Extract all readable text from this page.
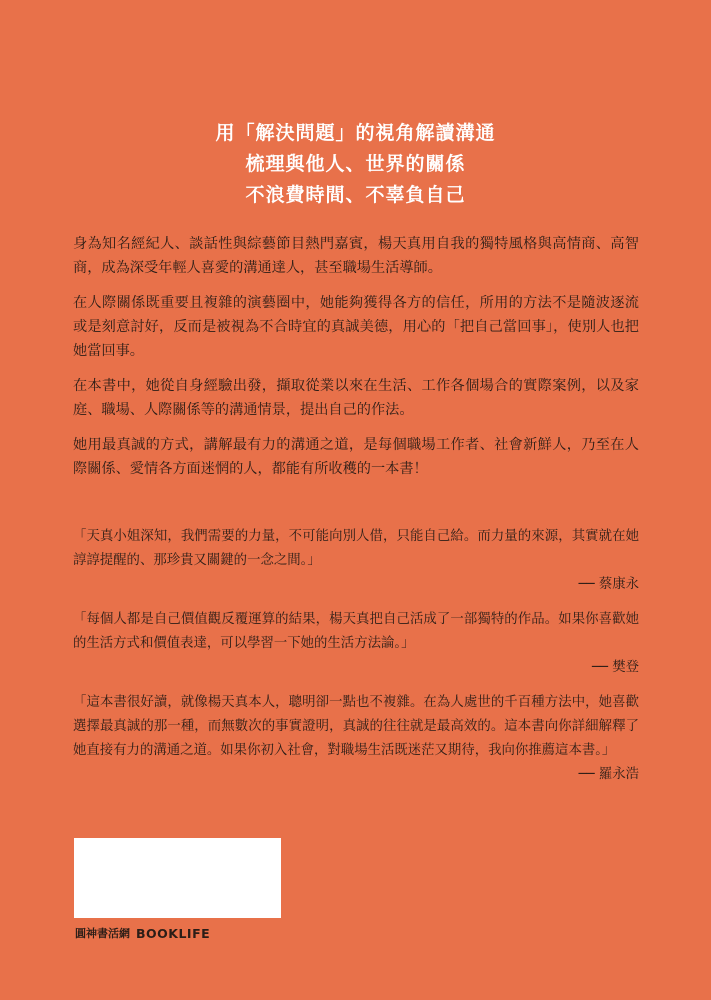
用「解決問題」的視角解讀溝通
梳理與他人、世界的關係
不浪費時間、不辜負自己

身為知名經紀人、談話性與綜藝節目熱門嘉賓，楊天真用自我的獨特風格與高情商、高智商，成為深受年輕人喜愛的溝通達人，甚至職場生活導師。

在人際關係既重要且複雜的演藝圈中，她能夠獲得各方的信任，所用的方法不是隨波逐流或是刻意討好，反而是被視為不合時宜的真誠美德，用心的「把自己當回事」，使別人也把她當回事。

在本書中，她從自身經驗出發，擷取從業以來在生活、工作各個場合的實際案例，以及家庭、職場、人際關係等的溝通情景，提出自己的作法。

她用最真誠的方式，講解最有力的溝通之道，是每個職場工作者、社會新鮮人，乃至在人際關係、愛情各方面迷惘的人，都能有所收穫的一本書！

「天真小姐深知，我們需要的力量，不可能向別人借，只能自己給。而力量的來源，其實就在她諄諄提醒的、那珍貴又關鍵的一念之間。」
── 蔡康永
「每個人都是自己價值觀反覆運算的結果，楊天真把自己活成了一部獨特的作品。如果你喜歡她的生活方式和價值表達，可以學習一下她的生活方法論。」
── 樊登
「這本書很好讀，就像楊天真本人，聰明卻一點也不複雜。在為人處世的千百種方法中，她喜歡選擇最真誠的那一種，而無數次的事實證明，真誠的往往就是最高效的。這本書向你詳細解釋了她直接有力的溝通之道。如果你初入社會，對職場生活既迷茫又期待，我向你推薦這本書。」
── 羅永浩
圓神書活網 BOOKLIFE
